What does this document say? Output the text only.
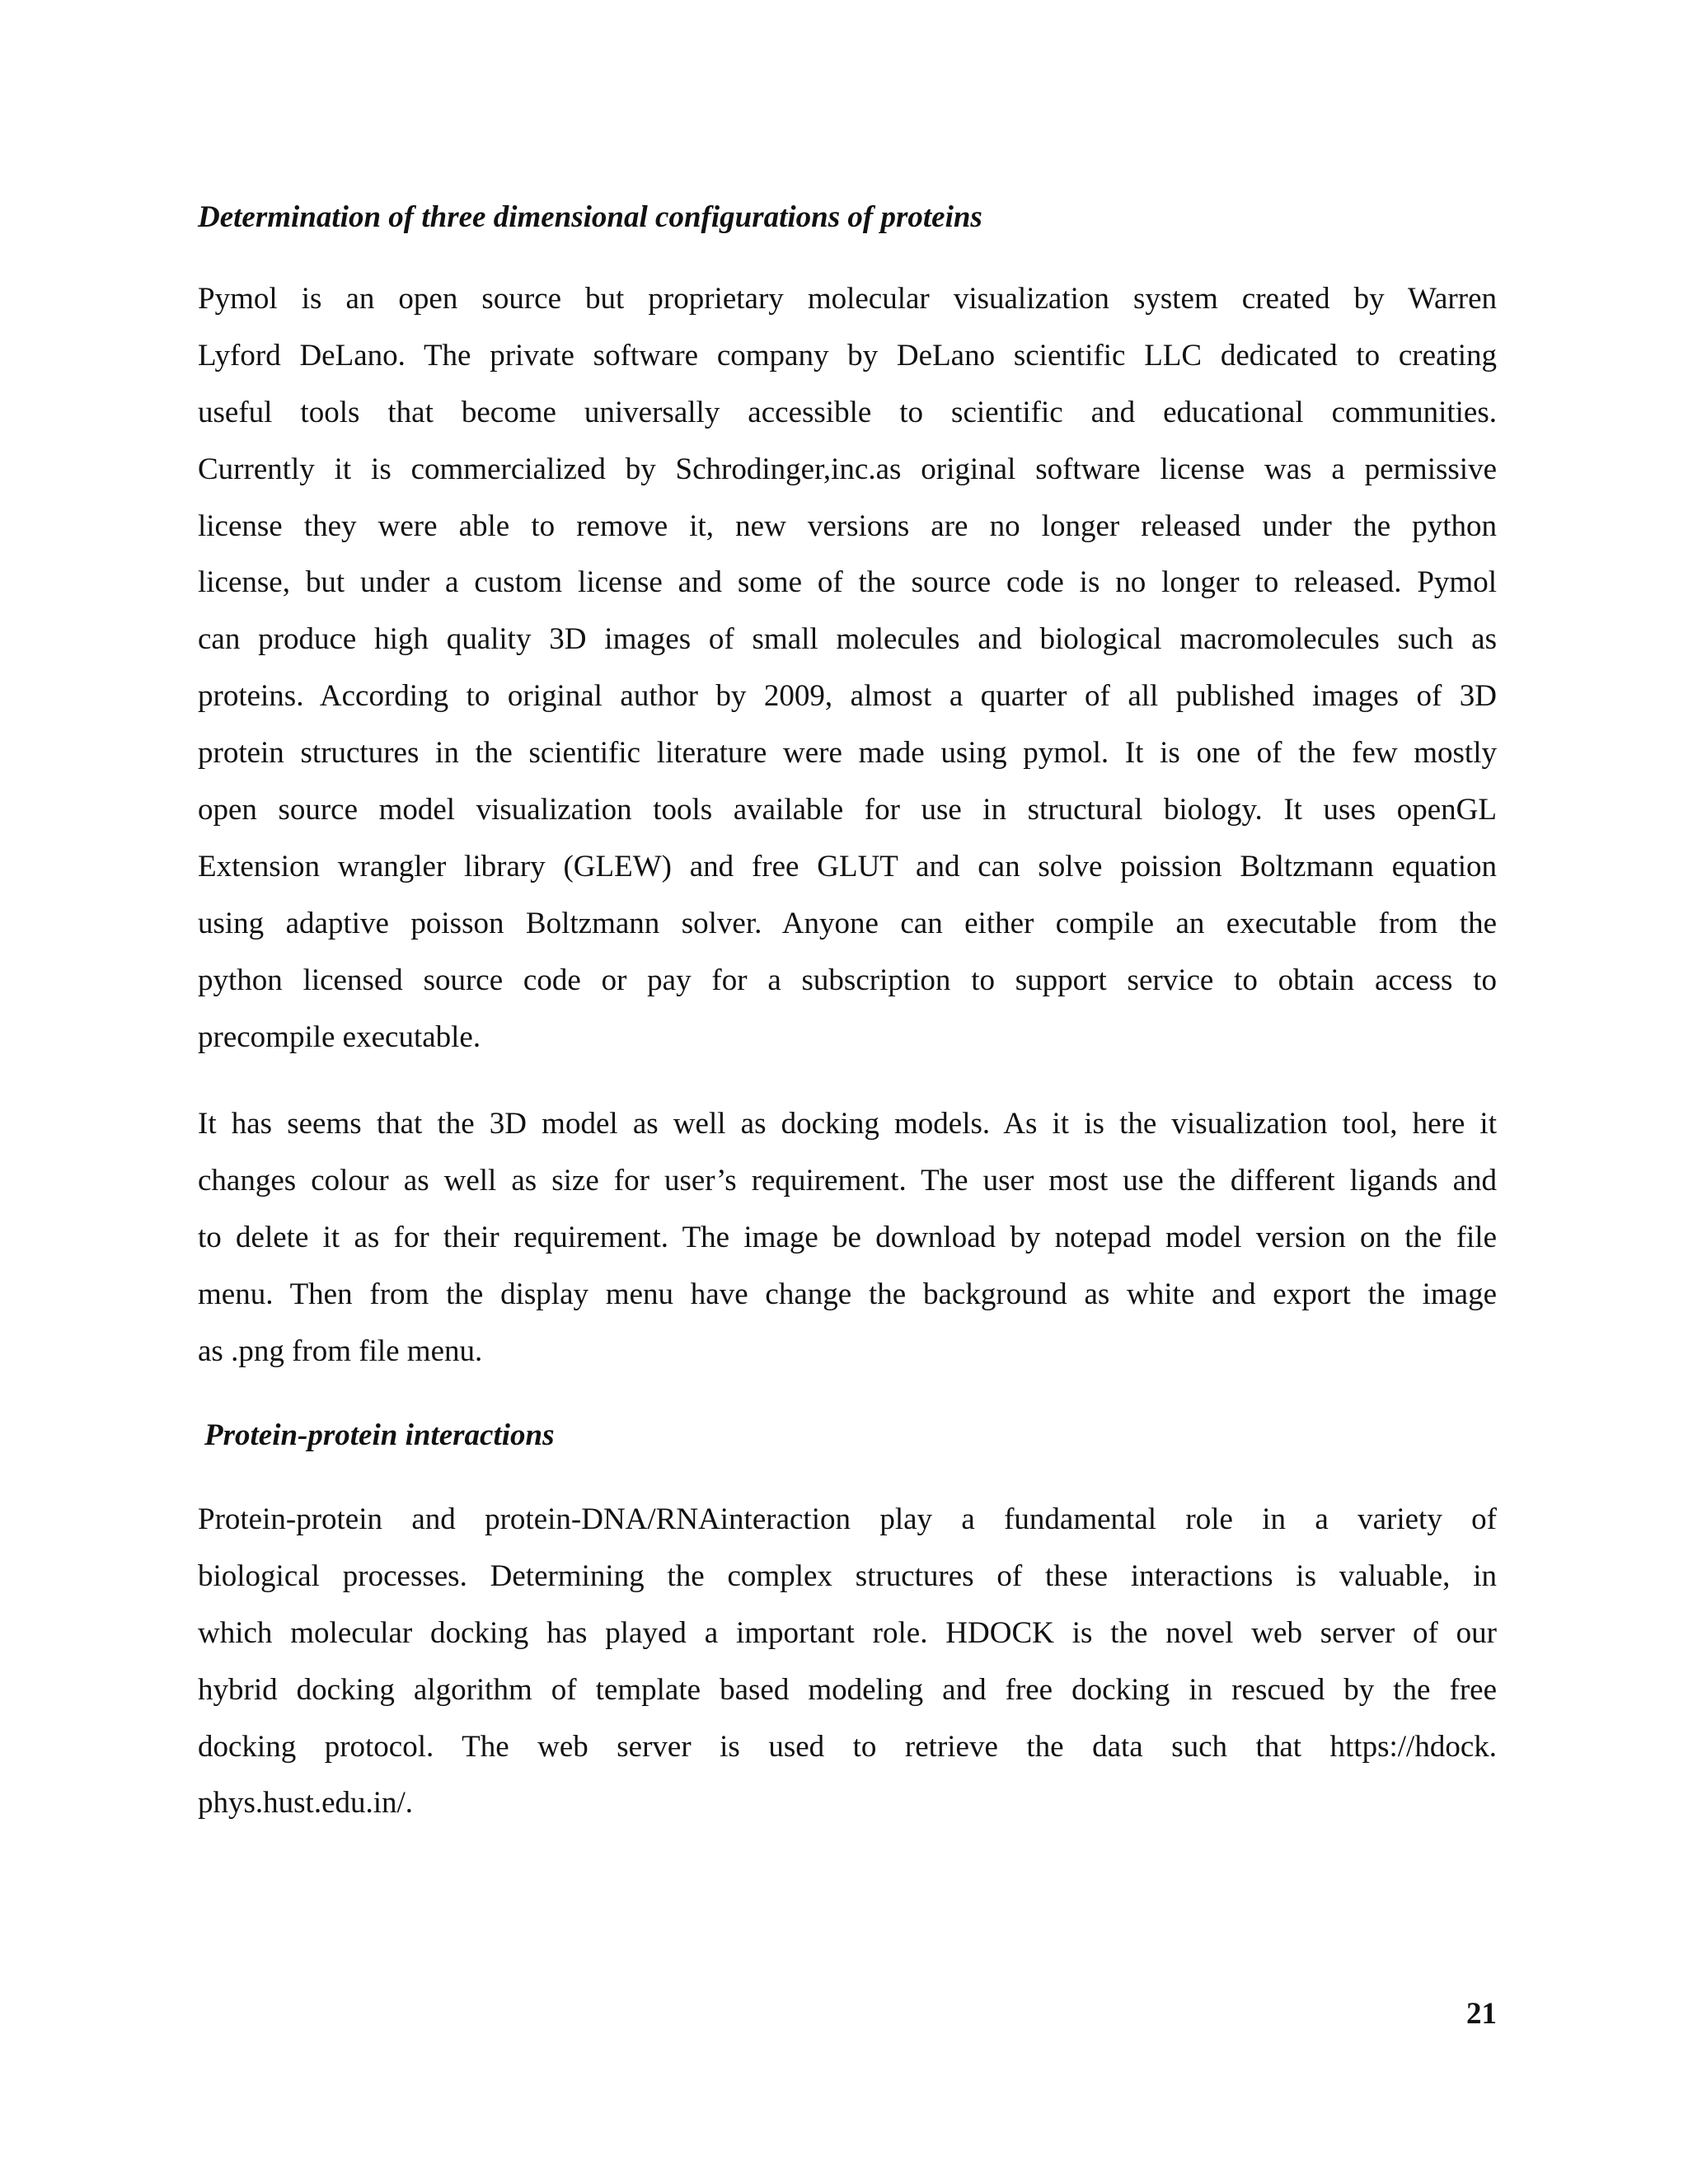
Determination of three dimensional configurations of proteins

Pymol is an open source but proprietary molecular visualization system created by Warren
Lyford DeLano. The private software company by DeLano scientific LLC dedicated to creating
useful tools that become universally accessible to scientific and educational communities.
Currently it is commercialized by Schrodinger,inc.as original software license was a permissive
license they were able to remove it, new versions are no longer released under the python
license, but under a custom license and some of the source code is no longer to released. Pymol
can produce high quality 3D images of small molecules and biological macromolecules such as
proteins. According to original author by 2009, almost a quarter of all published images of 3D
protein structures in the scientific literature were made using pymol. It is one of the few mostly
open source model visualization tools available for use in structural biology. It uses openGL
Extension wrangler library (GLEW) and free GLUT and can solve poission Boltzmann equation
using adaptive poisson Boltzmann solver. Anyone can either compile an executable from the
python licensed source code or pay for a subscription to support service to obtain access to
precompile executable.

It has seems that the 3D model as well as docking models. As it is the visualization tool, here it
changes colour as well as size for user’s requirement. The user most use the different ligands and
to delete it as for their requirement. The image be download by notepad model version on the file
menu. Then from the display menu have change the background as white and export the image
as .png from file menu.

Protein-protein interactions

Protein-protein and protein-DNA/RNAinteraction play a fundamental role in a variety of
biological processes. Determining the complex structures of these interactions is valuable, in
which molecular docking has played a important role. HDOCK is the novel web server of our
hybrid docking algorithm of template based modeling and free docking in rescued by the free
docking protocol. The web server is used to retrieve the data such that https://hdock.
phys.hust.edu.in/.

21
